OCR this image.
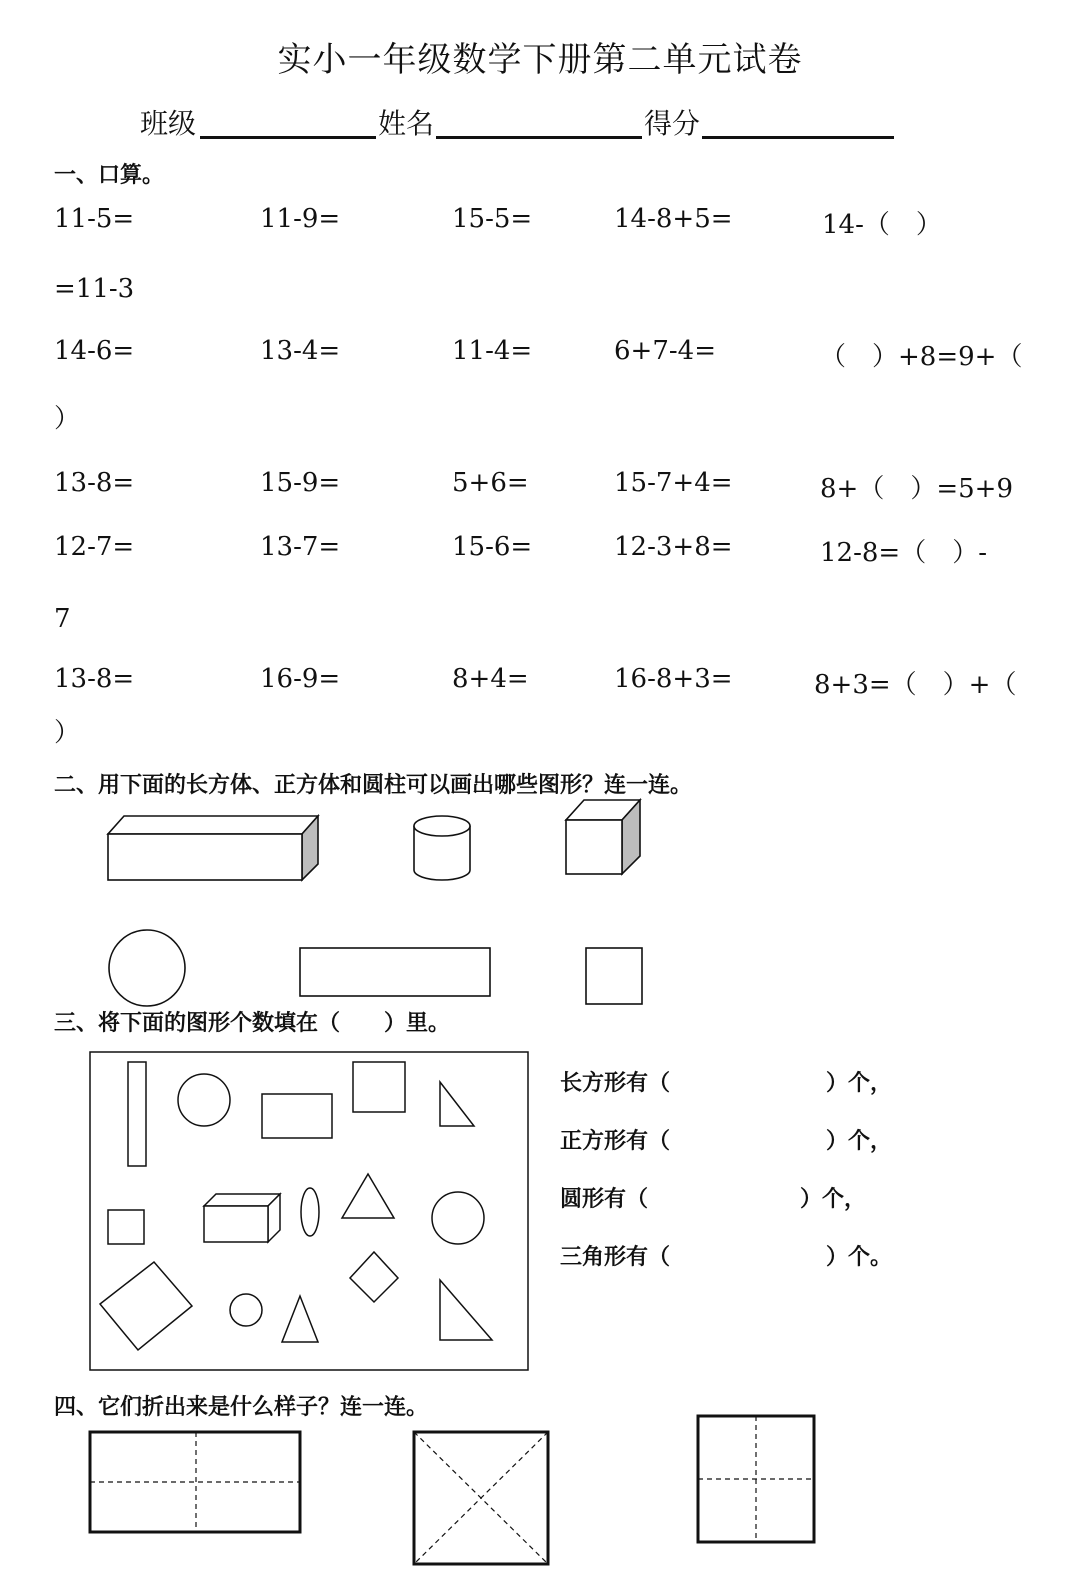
实小一年级数学下册第二单元试卷
班级	姓名	得分
一、口算。
11-5=	11-9=	15-5=	14-8+5=	14-（　）
=11-3
14-6=	13-4=	11-4=	6+7-4=	（　）+8=9+（
）
13-8=	15-9=	5+6=	15-7+4=	8+（　）=5+9
12-7=	13-7=	15-6=	12-3+8=	12-8=（　）-
7
13-8=	16-9=	8+4=	16-8+3=	8+3=（　）+（
）
二、用下面的长方体、正方体和圆柱可以画出哪些图形？连一连。
三、将下面的图形个数填在（　　）里。
长方形有（	）个，
正方形有（	）个，
圆形有（	）个，
三角形有（	）个。
四、它们折出来是什么样子？连一连。
